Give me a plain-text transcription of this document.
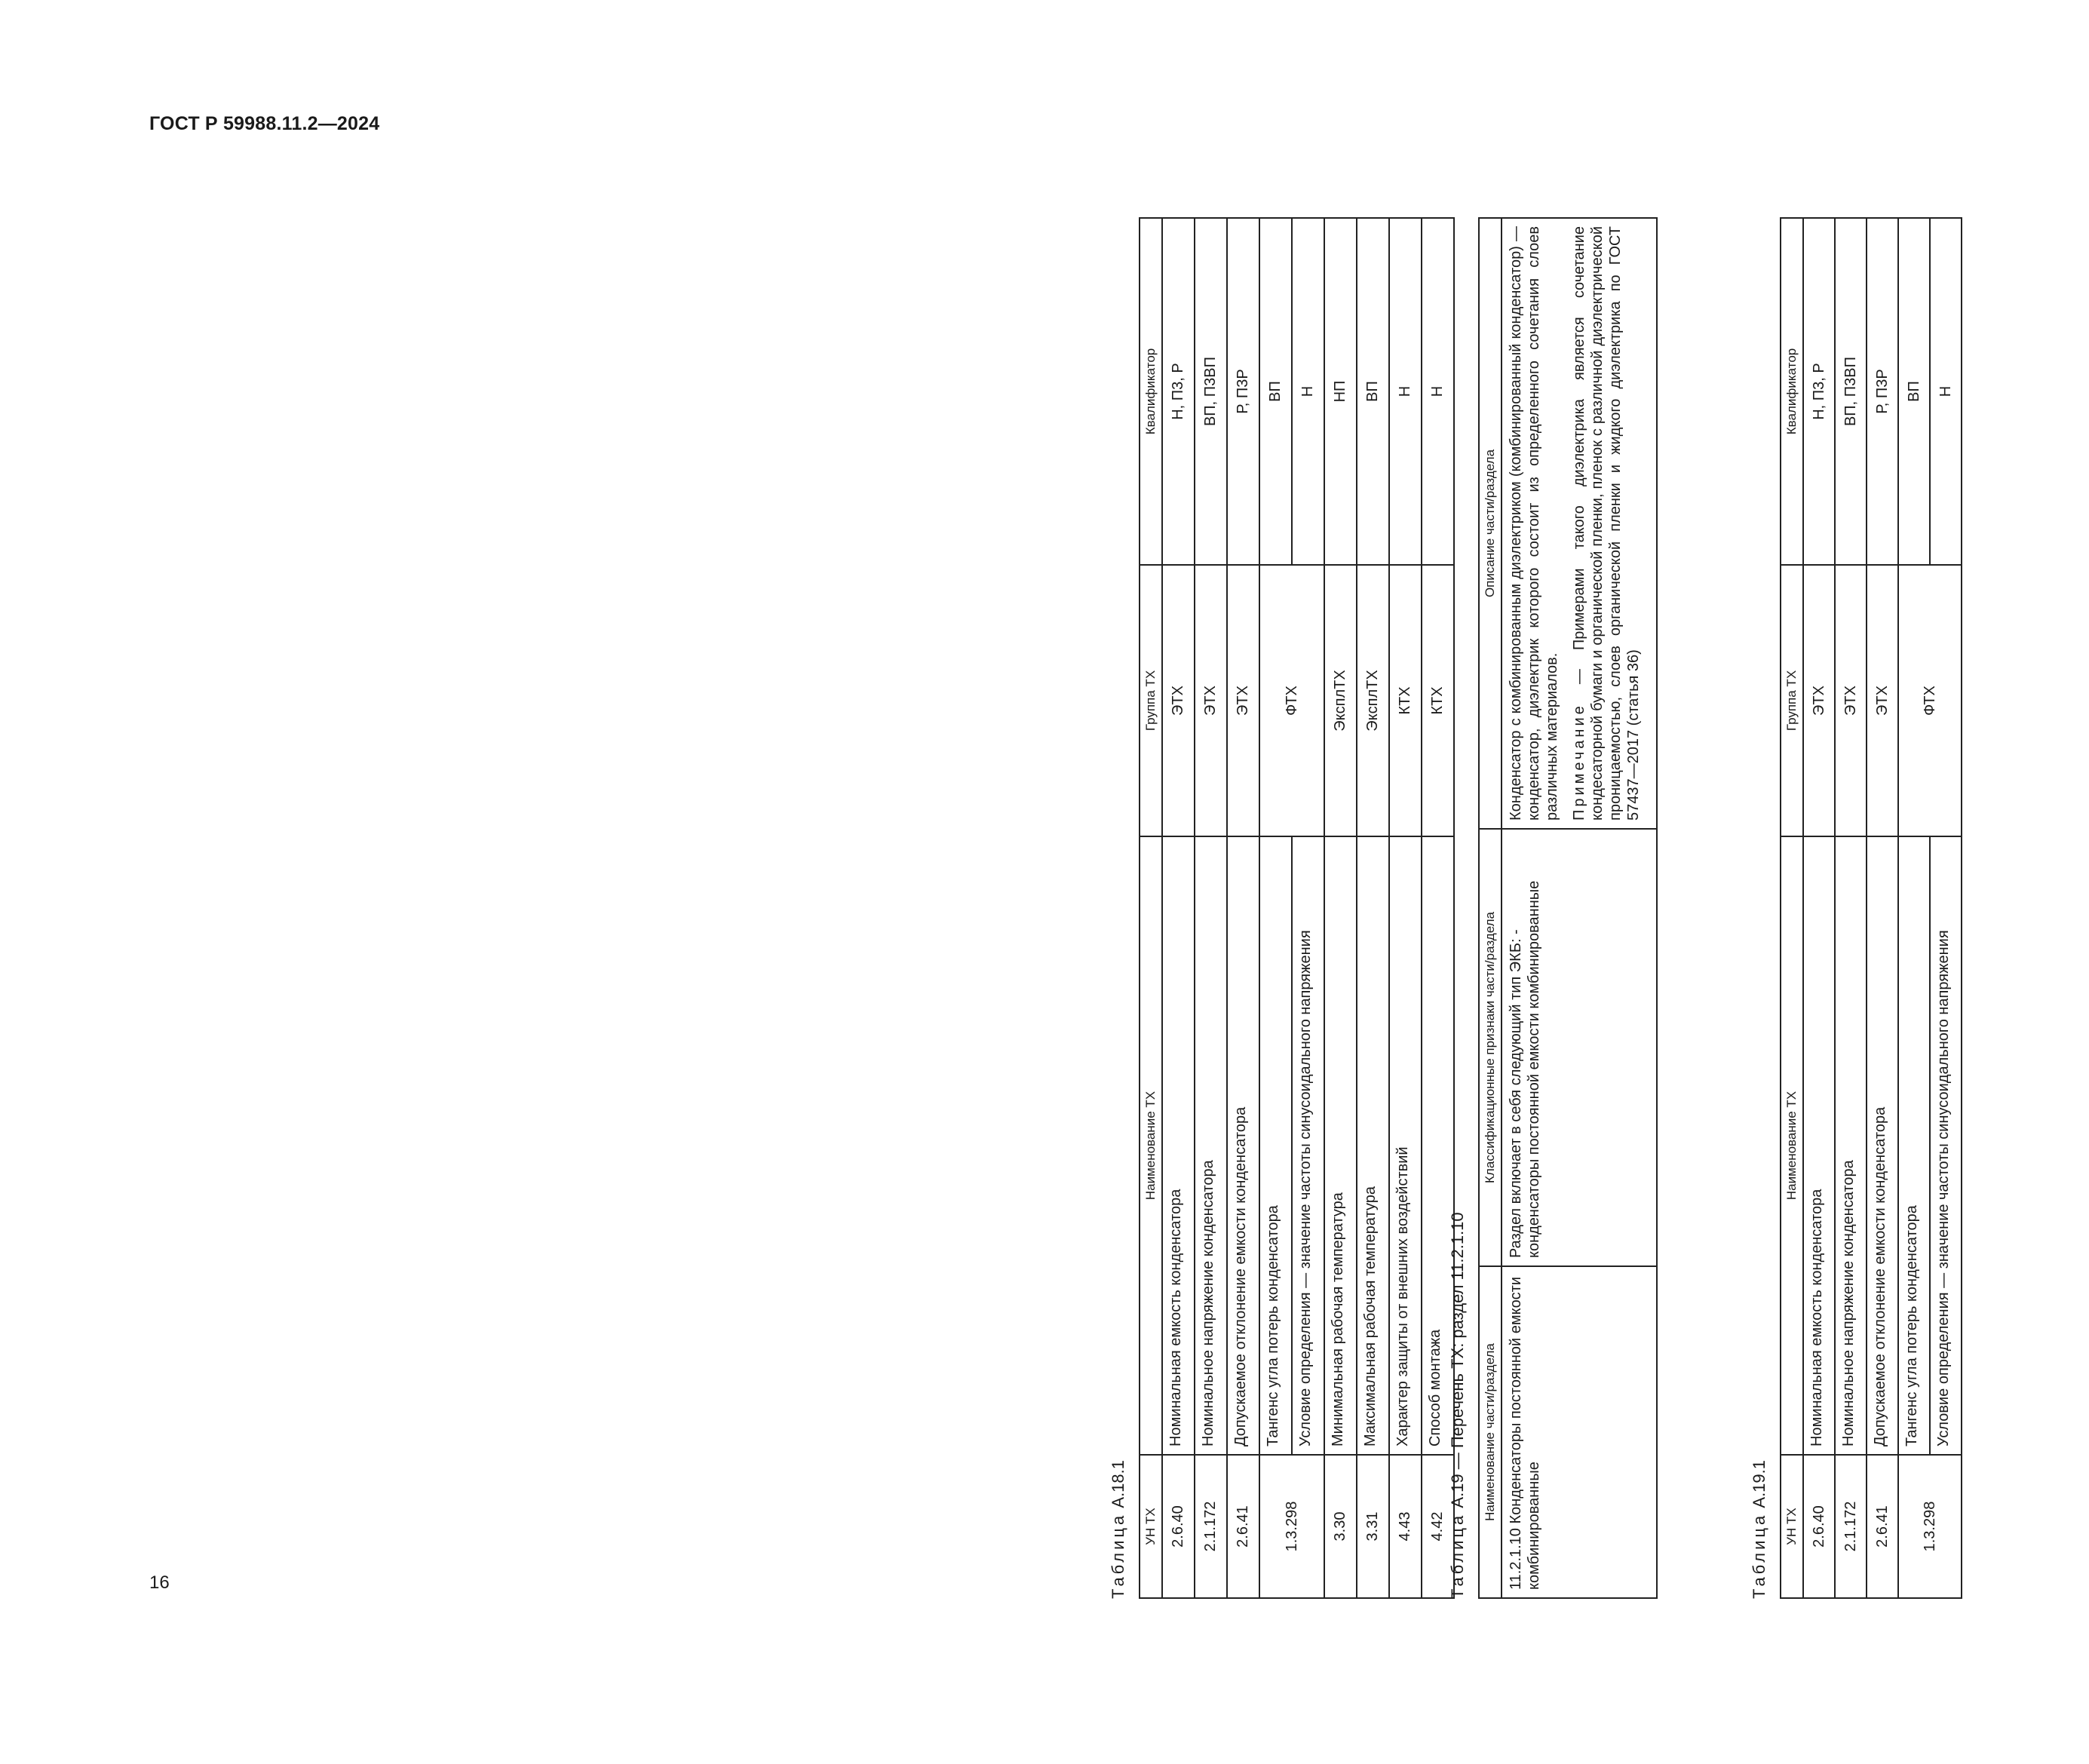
ГОСТ Р 59988.11.2—2024
16	Таблица А.18.1
УН ТХ	Наименование ТХ	Группа ТХ	Квалификатор
2.6.40	Номинальная емкость конденсатора	ЭТХ	Н, П3, Р
2.1.172	Номинальное напряжение конденсатора	ЭТХ	ВП, П3ВП
2.6.41	Допускаемое отклонение емкости конденсатора	ЭТХ	Р, П3Р
1.3.298	Тангенс угла потерь конденсатора	ФТХ	ВП
	Условие определения — значение частоты синусоидального напряжения		Н
3.30	Минимальная рабочая температура	ЭксплТХ	НП
3.31	Максимальная рабочая температура	ЭксплТХ	ВП
4.43	Характер защиты от внешних воздействий	КТХ	Н
4.42	Способ монтажа	КТХ	Н
Таблица А.19 — Перечень ТХ: раздел 11.2.1.10 Наименование части/раздела	Классификационные признаки части/раздела	Описание части/раздела
11.2.1.10 Конденсаторы постоянной емкости комбинированные	Раздел включает в себя следующий тип ЭКБ: - конденсаторы постоянной емкости комбинированные	Конденсатор с комбинированным диэлектриком (комбинированный конденсатор) — конденсатор, диэлектрик которого состоит из определенного сочетания слоев различных материалов. Примечание — Примерами такого диэлектрика является сочетание кондесаторной бумаги и органической пленки, пленок с различной диэлектрической проницаемостью, слоев органической пленки и жидкого диэлектрика по ГОСТ 57437—2017 (статья 36)

Таблица А.19.1
УН ТХ	Наименование ТХ	Группа ТХ	Квалификатор
2.6.40	Номинальная емкость конденсатора	ЭТХ	Н, П3, Р
2.1.172	Номинальное напряжение конденсатора	ЭТХ	ВП, П3ВП
2.6.41	Допускаемое отклонение емкости конденсатора	ЭТХ	Р, П3Р
1.3.298	Тангенс угла потерь конденсатора	ФТХ	ВП
	Условие определения — значение частоты синусоидального напряжения		Н
